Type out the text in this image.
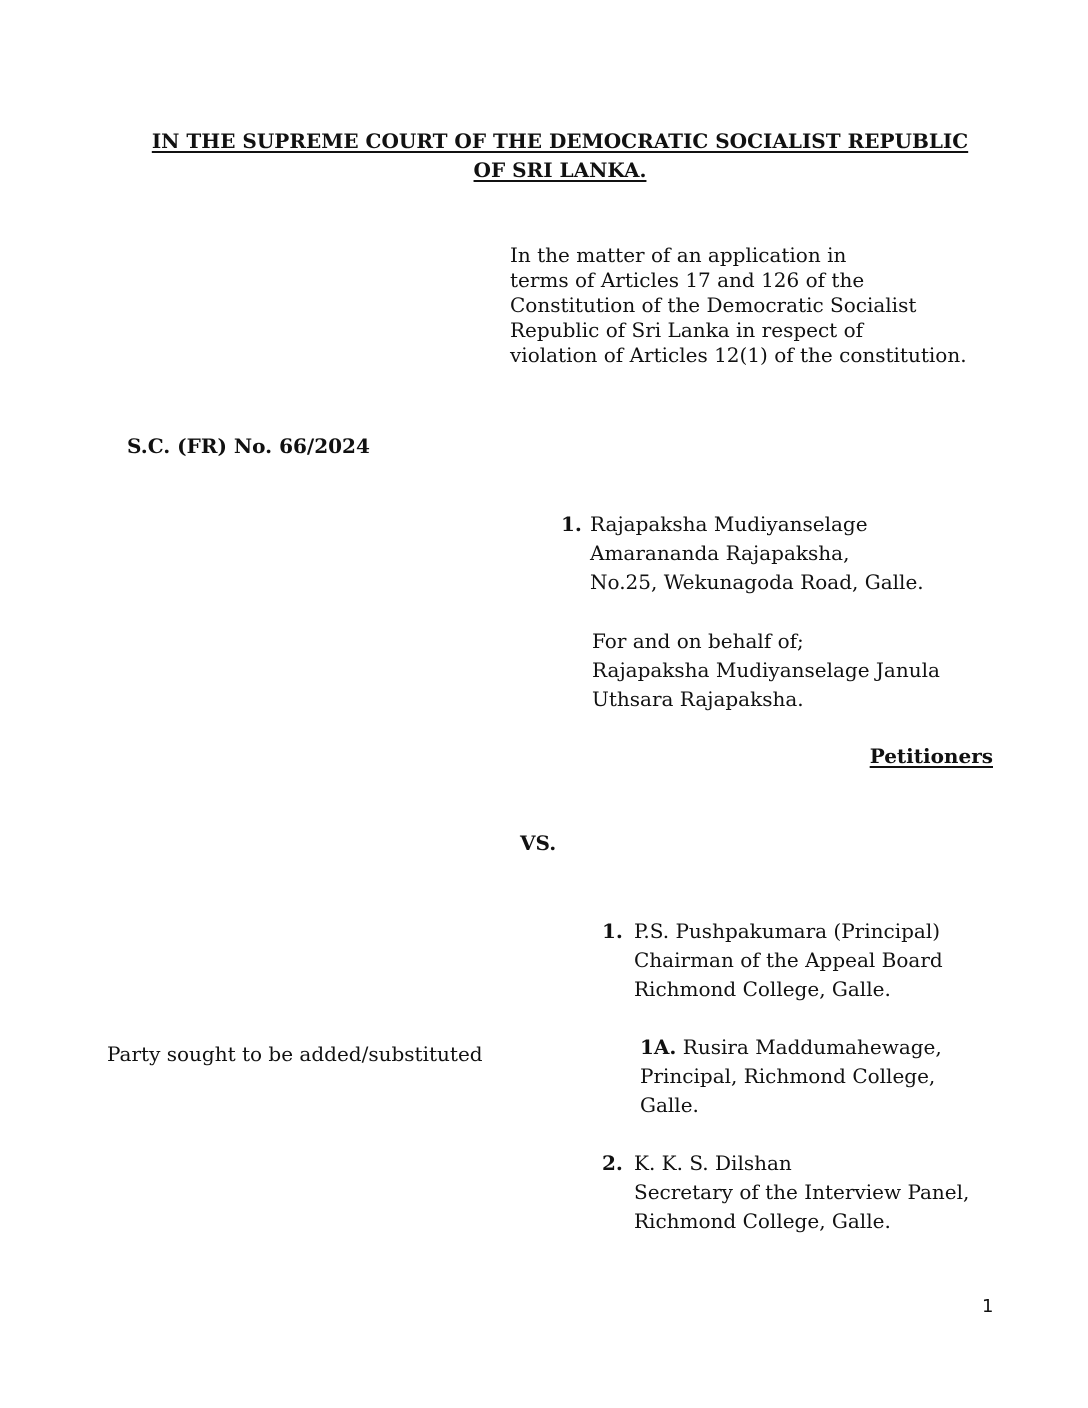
IN THE SUPREME COURT OF THE DEMOCRATIC SOCIALIST REPUBLIC
OF SRI LANKA.
In the matter of an application in
terms of Articles 17 and 126 of the
Constitution of the Democratic Socialist
Republic of Sri Lanka in respect of
violation of Articles 12(1) of the constitution.
S.C. (FR) No. 66/2024
1. Rajapaksha Mudiyanselage
Amarananda Rajapaksha,
No.25, Wekunagoda Road, Galle.
For and on behalf of;
Rajapaksha Mudiyanselage Janula
Uthsara Rajapaksha.
Petitioners
VS.
1. P.S. Pushpakumara (Principal)
Chairman of the Appeal Board
Richmond College, Galle.
Party sought to be added/substituted	1A. Rusira Maddumahewage,
Principal, Richmond College,
Galle.
2. K. K. S. Dilshan
Secretary of the Interview Panel,
Richmond College, Galle.
1
